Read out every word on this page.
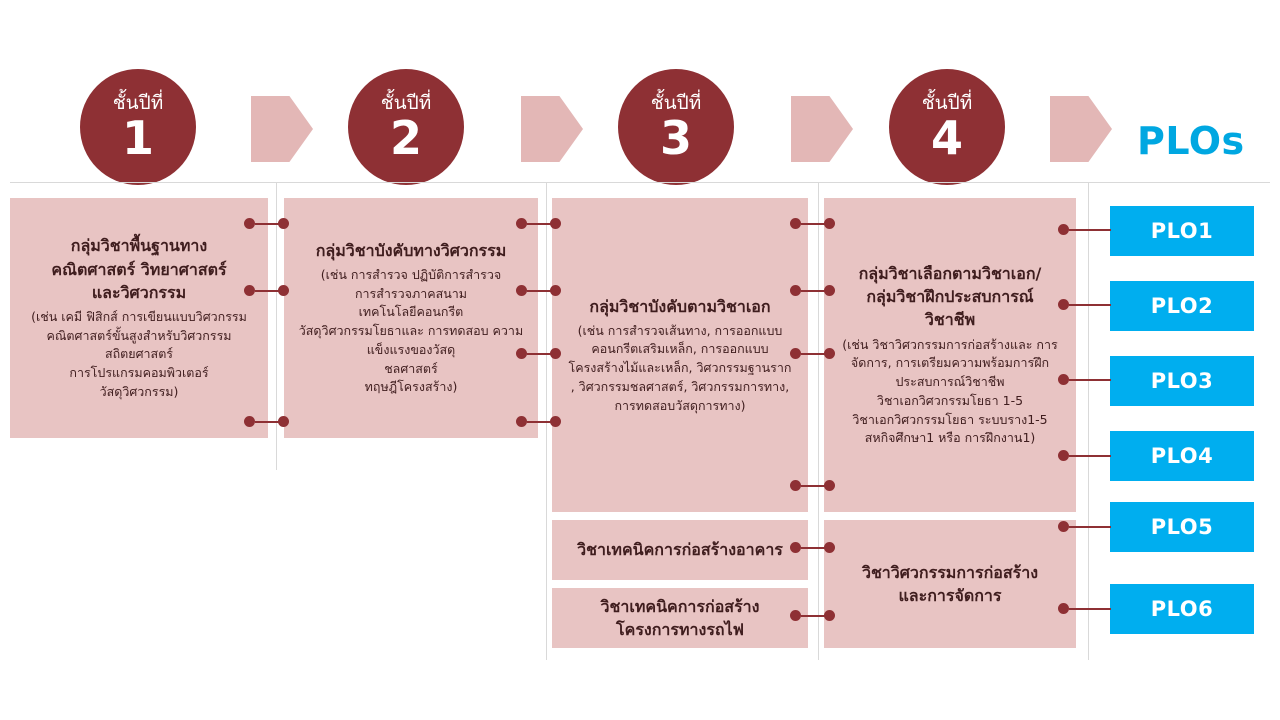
ชั้นปีที่
1
ชั้นปีที่
2
ชั้นปีที่
3
ชั้นปีที่
4	PLOs
กลุ่มวิชาพื้นฐานทาง
คณิตศาสตร์ วิทยาศาสตร์
และวิศวกรรม
(เช่น เคมี ฟิสิกส์ การเขียนแบบวิศวกรรม
คณิตศาสตร์ขั้นสูงสำหรับวิศวกรรม
สถิตยศาสตร์
การโปรแกรมคอมพิวเตอร์
วัสดุวิศวกรรม)
กลุ่มวิชาบังคับทางวิศวกรรม
(เช่น การสำรวจ ปฏิบัติการสำรวจ
การสำรวจภาคสนาม
เทคโนโลยีคอนกรีต
วัสดุวิศวกรรมโยธาและ การทดสอบ ความ
แข็งแรงของวัสดุ
ชลศาสตร์
ทฤษฎีโครงสร้าง)
กลุ่มวิชาบังคับตามวิชาเอก
(เช่น การสำรวจเส้นทาง, การออกแบบ
คอนกรีตเสริมเหล็ก, การออกแบบ
โครงสร้างไม้และเหล็ก, วิศวกรรมฐานราก
, วิศวกรรมชลศาสตร์, วิศวกรรมการทาง,
การทดสอบวัสดุการทาง)
วิชาเทคนิคการก่อสร้างอาคาร
วิชาเทคนิคการก่อสร้าง
โครงการทางรถไฟ
กลุ่มวิชาเลือกตามวิชาเอก/
กลุ่มวิชาฝึกประสบการณ์
วิชาชีพ
(เช่น วิชาวิศวกรรมการก่อสร้างและ การ
จัดการ, การเตรียมความพร้อมการฝึก
ประสบการณ์วิชาชีพ
วิชาเอกวิศวกรรมโยธา 1-5
วิชาเอกวิศวกรรมโยธา ระบบราง1-5
สหกิจศึกษา1 หรือ การฝึกงาน1)
วิชาวิศวกรรมการก่อสร้าง
และการจัดการ
PLO1
PLO2
PLO3
PLO4
PLO5
PLO6
